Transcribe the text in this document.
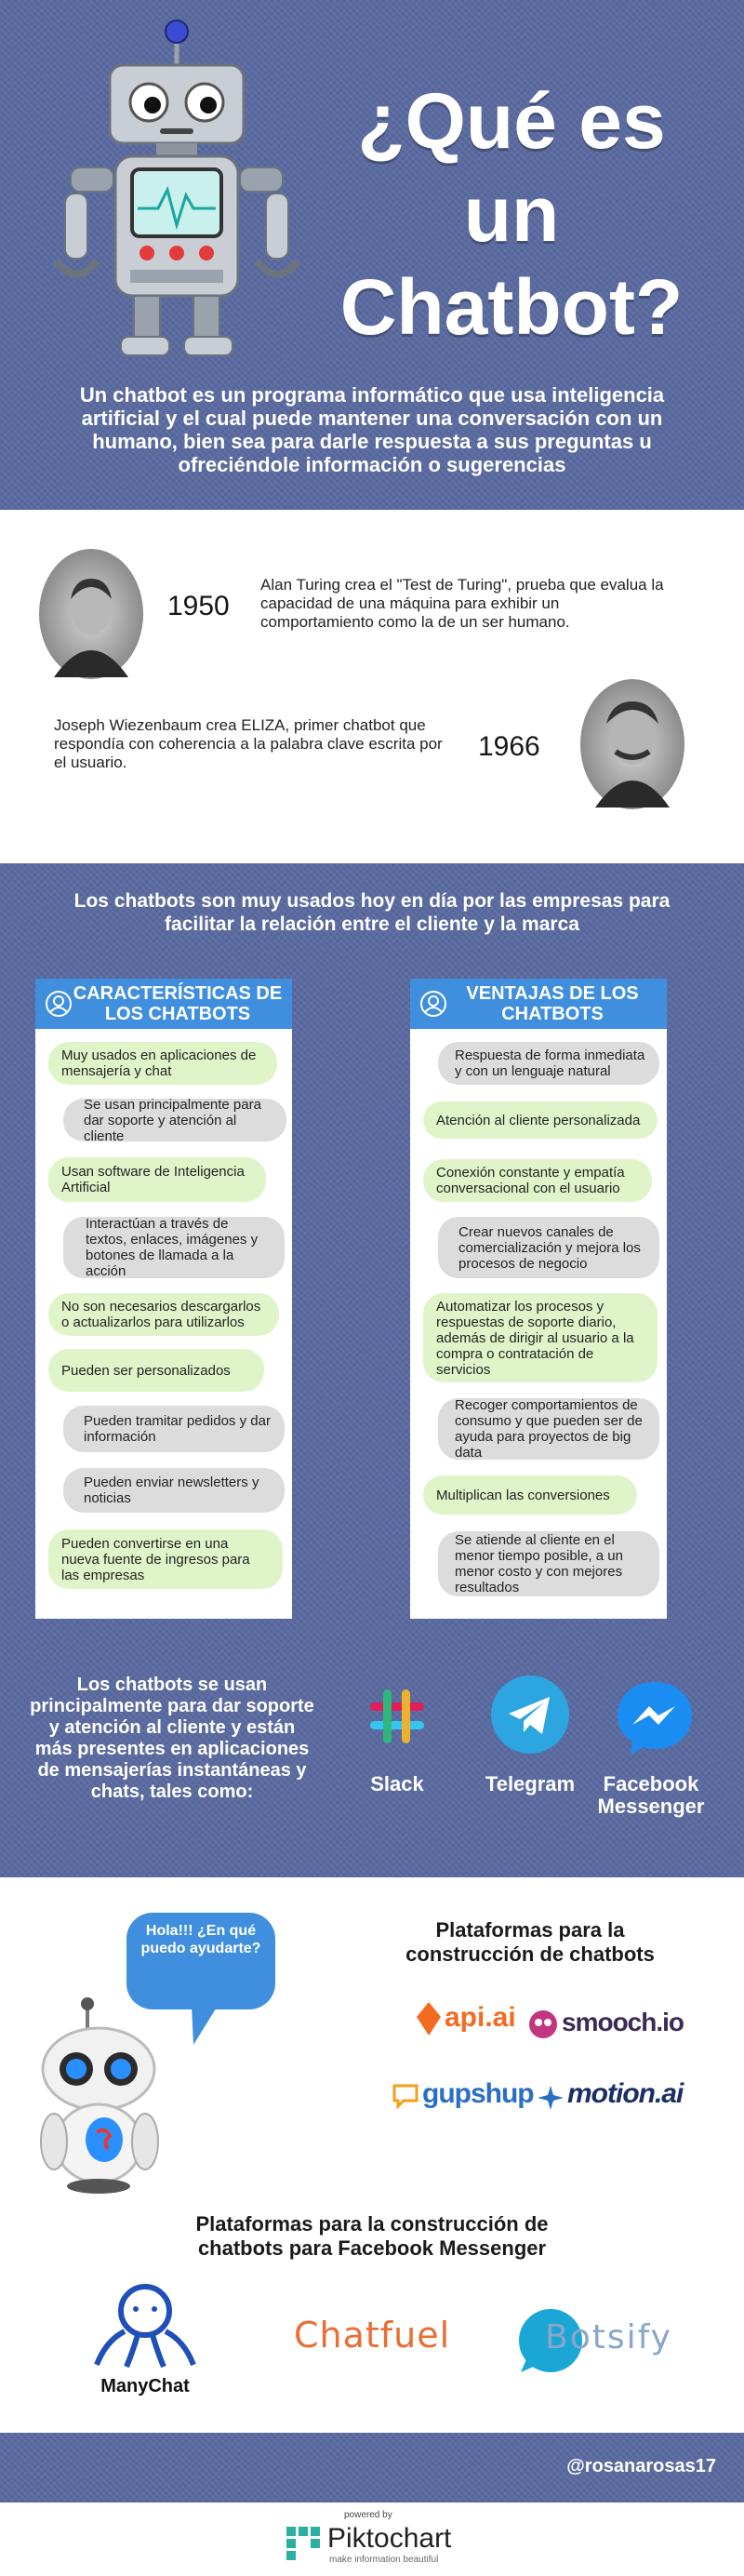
¿Qué es un
Chatbot?
Un chatbot es un programa informático que usa inteligencia artificial y el cual puede mantener una conversación con un humano, bien sea para darle respuesta a sus preguntas u ofreciéndole información o sugerencias
1950
Alan Turing crea el "Test de Turing", prueba que evalua la capacidad de una máquina para exhibir un comportamiento como la de un ser humano.
Joseph Wiezenbaum crea ELIZA, primer chatbot que respondía con coherencia a la palabra clave escrita por el usuario.
1966
Los chatbots son muy usados hoy en día por las empresas para facilitar la relación entre el cliente y la marca
CARACTERÍSTICAS DE LOS CHATBOTS
Muy usados en aplicaciones de mensajería y chat
Se usan principalmente para dar soporte y atención al cliente
Usan software de Inteligencia Artificial
Interactúan a través de textos, enlaces, imágenes y botones de llamada a la acción
No son necesarios descargarlos o actualizarlos para utilizarlos
Pueden ser personalizados
Pueden tramitar pedidos y dar información
Pueden enviar newsletters y noticias
Pueden convertirse en una nueva fuente de ingresos para las empresas
VENTAJAS DE LOS CHATBOTS
Respuesta de forma inmediata y con un lenguaje natural
Atención al cliente personalizada
Conexión constante y empatía conversacional con el usuario
Crear nuevos canales de comercialización y mejora los procesos de negocio
Automatizar los procesos y respuestas de soporte diario, además de dirigir al usuario a la compra o contratación de servicios
Recoger comportamientos de consumo y que pueden ser de ayuda para proyectos de big data
Multiplican las conversiones
Se atiende al cliente en el menor tiempo posible, a un menor costo y con mejores resultados
Los chatbots se usan principalmente para dar soporte y atención al cliente y están más presentes en aplicaciones de mensajerías instantáneas y chats, tales como:	Slack	Telegram	Facebook Messenger
Hola!!! ¿En qué puedo ayudarte?
Plataformas para la construcción de chatbots
api.ai smooch.io
gupshup motion.ai
Plataformas para la construcción de chatbots para Facebook Messenger
ManyChat
Chatfuel	Botsify
@rosanarosas17
powered by
Piktochart
make information beautiful
